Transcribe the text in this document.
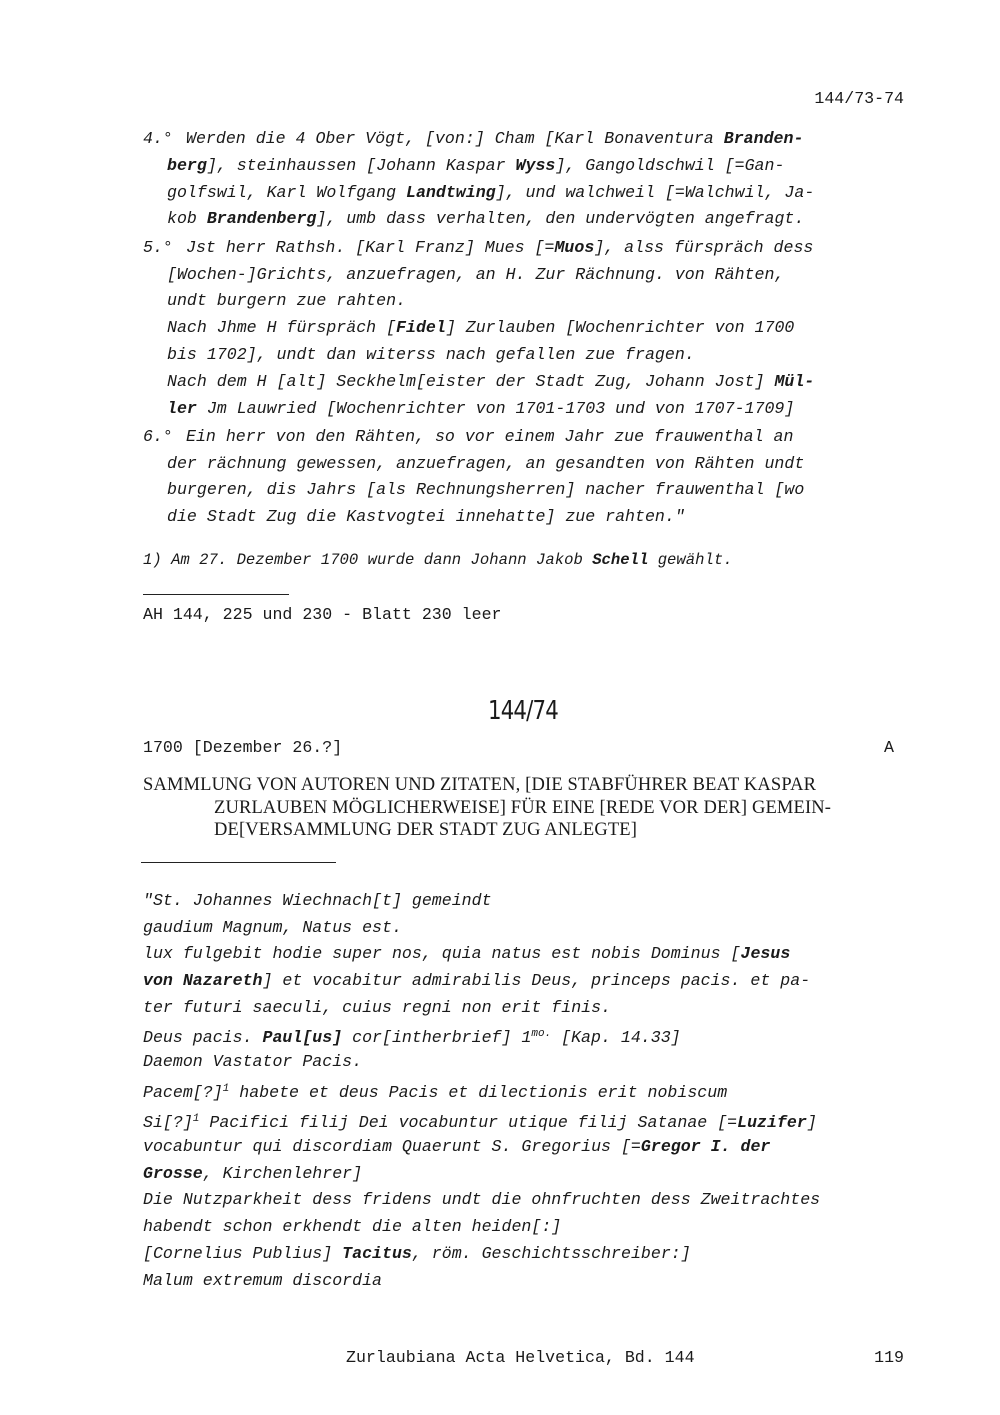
144/73-74
4.° Werden die 4 Ober Vögt, [von:] Cham [Karl Bonaventura Branden-
berg], steinhaussen [Johann Kaspar Wyss], Gangoldschwil [=Gan-
golfswil, Karl Wolfgang Landtwing], und walchweil [=Walchwil, Ja-
kob Brandenberg], umb dass verhalten, den undervögten angefragt.
5.° Jst herr Rathsh. [Karl Franz] Mues [=Muos], alss fürspräch dess
[Wochen-]Grichts, anzuefragen, an H. Zur Rächnung. von Rähten,
undt burgern zue rahten.
Nach Jhme H fürspräch [Fidel] Zurlauben [Wochenrichter von 1700
bis 1702], undt dan witerss nach gefallen zue fragen.
Nach dem H [alt] Seckhelm[eister der Stadt Zug, Johann Jost] Mül-
ler Jm Lauwried [Wochenrichter von 1701-1703 und von 1707-1709]
6.° Ein herr von den Rähten, so vor einem Jahr zue frauwenthal an
der rächnung gewessen, anzuefragen, an gesandten von Rähten undt
burgeren, dis Jahrs [als Rechnungsherren] nacher frauwenthal [wo
die Stadt Zug die Kastvogtei innehatte] zue rahten."
1) Am 27. Dezember 1700 wurde dann Johann Jakob Schell gewählt.
AH 144, 225 und 230 - Blatt 230 leer
144/74
1700 [Dezember 26.?]	A
SAMMLUNG VON AUTOREN UND ZITATEN, [DIE STABFÜHRER BEAT KASPAR
ZURLAUBEN MÖGLICHERWEISE] FÜR EINE [REDE VOR DER] GEMEIN-
DE[VERSAMMLUNG DER STADT ZUG ANLEGTE]
"St. Johannes Wiechnach[t] gemeindt
gaudium Magnum, Natus est.
lux fulgebit hodie super nos, quia natus est nobis Dominus [Jesus
von Nazareth] et vocabitur admirabilis Deus, princeps pacis. et pa-
ter futuri saeculi, cuius regni non erit finis.
Deus pacis. Paul[us] cor[intherbrief] $1^{mo.}$ [Kap. 14.33]
Daemon Vastator Pacis.
Pacem[?]$^1$ habete et deus Pacis et dilectionis erit nobiscum
Si[?]$^1$ Pacifici filij Dei vocabuntur utique filij Satanae [=Luzifer]
vocabuntur qui discordiam Quaerunt S. Gregorius [=Gregor I. der
Grosse, Kirchenlehrer]
Die Nutzparkheit dess fridens undt die ohnfruchten dess Zweitrachtes
habendt schon erkhendt die alten heiden[:]
[Cornelius Publius] Tacitus, röm. Geschichtsschreiber:]
Malum extremum discordia
Zurlaubiana Acta Helvetica, Bd. 144	119
